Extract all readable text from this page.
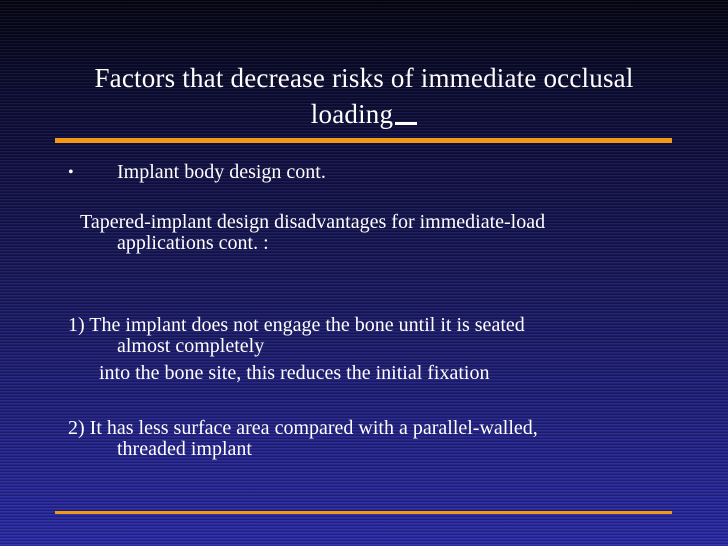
Factors that decrease risks of immediate occlusal
loading
• Implant body design cont.
Tapered-implant design disadvantages for immediate-load
applications cont. :
1) The implant does not engage the bone until it is seated
almost completely
into the bone site, this reduces the initial fixation
2) It has less surface area compared with a parallel-walled,
threaded implant
